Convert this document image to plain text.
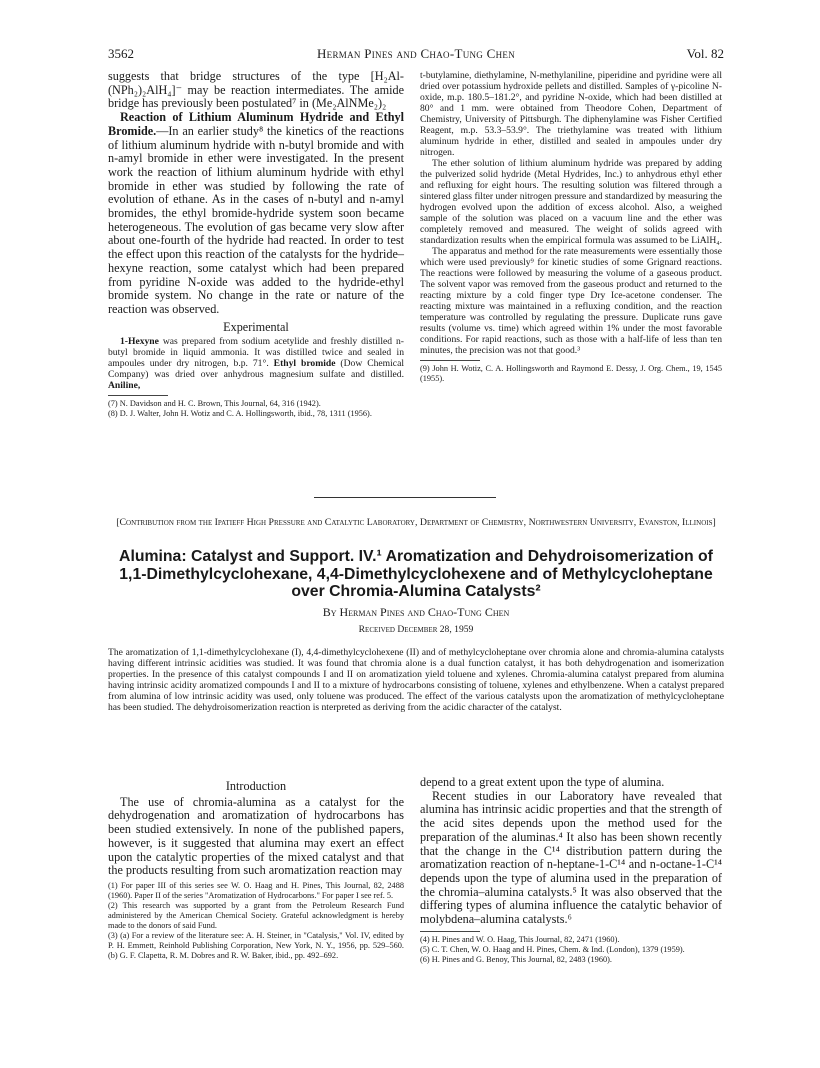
3562	Herman Pines and Chao-Tung Chen	Vol. 82

suggests that bridge structures of the type [H₂Al-(NPh₂)₂AlH₄]⁻ may be reaction intermediates. The amide bridge has previously been postulated⁷ in (Me₂AlNMe₂)₂

Reaction of Lithium Aluminum Hydride and Ethyl Bromide.—In an earlier study⁸ the kinetics of the reactions of lithium aluminum hydride with n-butyl bromide and with n-amyl bromide in ether were investigated. In the present work the reaction of lithium aluminum hydride with ethyl bromide in ether was studied by following the rate of evolution of ethane. As in the cases of n-butyl and n-amyl bromides, the ethyl bromide-hydride system soon became heterogeneous. The evolution of gas became very slow after about one-fourth of the hydride had reacted. In order to test the effect upon this reaction of the catalysts for the hydride–hexyne reaction, some catalyst which had been prepared from pyridine N-oxide was added to the hydride-ethyl bromide system. No change in the rate or nature of the reaction was observed.

Experimental

1-Hexyne was prepared from sodium acetylide and freshly distilled n-butyl bromide in liquid ammonia. It was distilled twice and sealed in ampoules under dry nitrogen, b.p. 71°. Ethyl bromide (Dow Chemical Company) was dried over anhydrous magnesium sulfate and distilled. Aniline,

(7) N. Davidson and H. C. Brown, This Journal, 64, 316 (1942).

(8) D. J. Walter, John H. Wotiz and C. A. Hollingsworth, ibid., 78, 1311 (1956).

t-butylamine, diethylamine, N-methylaniline, piperidine and pyridine were all dried over potassium hydroxide pellets and distilled. Samples of γ-picoline N-oxide, m.p. 180.5–181.2°, and pyridine N-oxide, which had been distilled at 80° and 1 mm. were obtained from Theodore Cohen, Department of Chemistry, University of Pittsburgh. The diphenylamine was Fisher Certified Reagent, m.p. 53.3–53.9°. The triethylamine was treated with lithium aluminum hydride in ether, distilled and sealed in ampoules under dry nitrogen.

The ether solution of lithium aluminum hydride was prepared by adding the pulverized solid hydride (Metal Hydrides, Inc.) to anhydrous ethyl ether and refluxing for eight hours. The resulting solution was filtered through a sintered glass filter under nitrogen pressure and standardized by measuring the hydrogen evolved upon the addition of excess alcohol. Also, a weighed sample of the solution was placed on a vacuum line and the ether was completely removed and measured. The weight of solids agreed with standardization results when the empirical formula was assumed to be LiAlH₄.

The apparatus and method for the rate measurements were essentially those which were used previously⁹ for kinetic studies of some Grignard reactions. The reactions were followed by measuring the volume of a gaseous product. The solvent vapor was removed from the gaseous product and returned to the reacting mixture by a cold finger type Dry Ice-acetone condenser. The reacting mixture was maintained in a refluxing condition, and the reaction temperature was controlled by regulating the pressure. Duplicate runs gave results (volume vs. time) which agreed within 1% under the most favorable conditions. For rapid reactions, such as those with a half-life of less than ten minutes, the precision was not that good.³

(9) John H. Wotiz, C. A. Hollingsworth and Raymond E. Dessy, J. Org. Chem., 19, 1545 (1955).

[Contribution from the Ipatieff High Pressure and Catalytic Laboratory, Department of Chemistry, Northwestern University, Evanston, Illinois]
Alumina: Catalyst and Support. IV.¹ Aromatization and Dehydroisomerization of 1,1-Dimethylcyclohexane, 4,4-Dimethylcyclohexene and of Methylcycloheptane over Chromia-Alumina Catalysts²
By Herman Pines and Chao-Tung Chen
Received December 28, 1959
The aromatization of 1,1-dimethylcyclohexane (I), 4,4-dimethylcyclohexene (II) and of methylcycloheptane over chromia alone and chromia-alumina catalysts having different intrinsic acidities was studied. It was found that chromia alone is a dual function catalyst, it has both dehydrogenation and isomerization properties. In the presence of this catalyst compounds I and II on aromatization yield toluene and xylenes. Chromia-alumina catalyst prepared from alumina having intrinsic acidity aromatized compounds I and II to a mixture of hydrocarbons consisting of toluene, xylenes and ethylbenzene. When a catalyst prepared from alumina of low intrinsic acidity was used, only toluene was produced. The effect of the various catalysts upon the aromatization of methylcycloheptane has been studied. The dehydroisomerization reaction is nterpreted as deriving from the acidic character of the catalyst.
Introduction

The use of chromia-alumina as a catalyst for the dehydrogenation and aromatization of hydrocarbons has been studied extensively. In none of the published papers, however, is it suggested that alumina may exert an effect upon the catalytic properties of the mixed catalyst and that the products resulting from such aromatization reaction may

(1) For paper III of this series see W. O. Haag and H. Pines, This Journal, 82, 2488 (1960). Paper II of the series "Aromatization of Hydrocarbons." For paper I see ref. 5.

(2) This research was supported by a grant from the Petroleum Research Fund administered by the American Chemical Society. Grateful acknowledgment is hereby made to the donors of said Fund.

(3) (a) For a review of the literature see: A. H. Steiner, in "Catalysis," Vol. IV, edited by P. H. Emmett, Reinhold Publishing Corporation, New York, N. Y., 1956, pp. 529–560. (b) G. F. Clapetta, R. M. Dobres and R. W. Baker, ibid., pp. 492–692.

depend to a great extent upon the type of alumina.

Recent studies in our Laboratory have revealed that alumina has intrinsic acidic properties and that the strength of the acid sites depends upon the method used for the preparation of the aluminas.⁴ It also has been shown recently that the change in the C¹⁴ distribution pattern during the aromatization reaction of n-heptane-1-C¹⁴ and n-octane-1-C¹⁴ depends upon the type of alumina used in the preparation of the chromia–alumina catalysts.⁵ It was also observed that the differing types of alumina influence the catalytic behavior of molybdena–alumina catalysts.⁶

(4) H. Pines and W. O. Haag, This Journal, 82, 2471 (1960).

(5) C. T. Chen, W. O. Haag and H. Pines, Chem. & Ind. (London), 1379 (1959).

(6) H. Pines and G. Benoy, This Journal, 82, 2483 (1960).
